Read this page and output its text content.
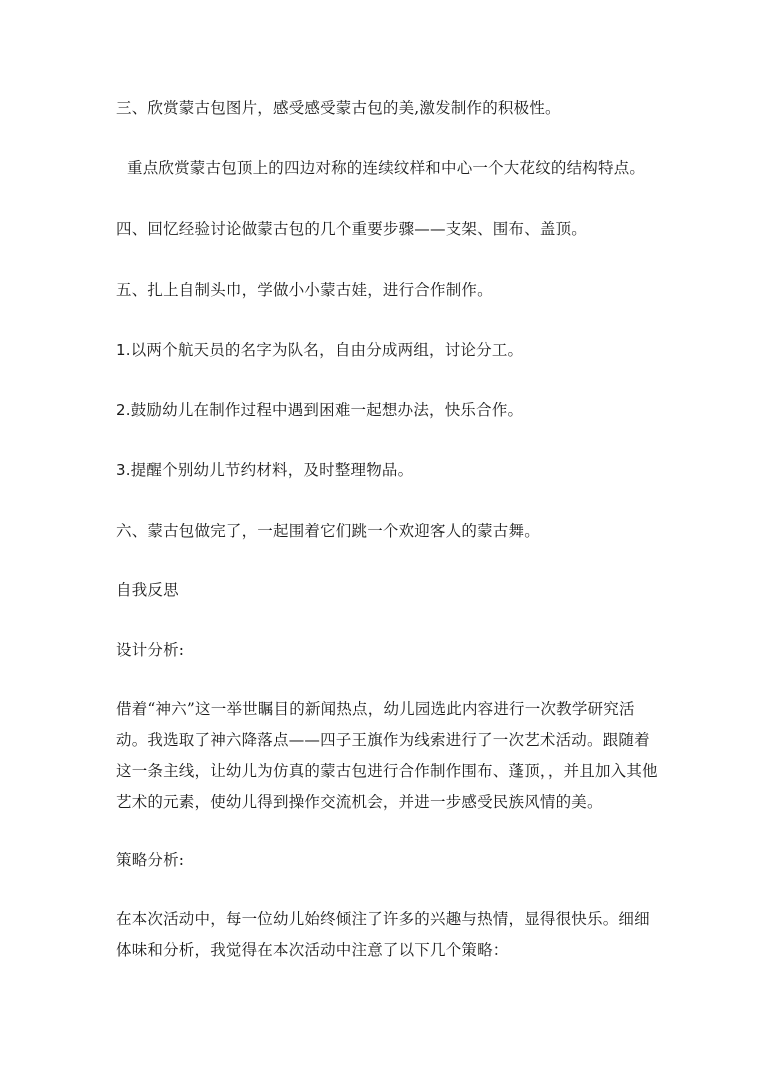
三、欣赏蒙古包图片，感受感受蒙古包的美,激发制作的积极性。
重点欣赏蒙古包顶上的四边对称的连续纹样和中心一个大花纹的结构特点。
四、回忆经验讨论做蒙古包的几个重要步骤——支架、围布、盖顶。
五、扎上自制头巾，学做小小蒙古娃，进行合作制作。
1.以两个航天员的名字为队名，自由分成两组，讨论分工。
2.鼓励幼儿在制作过程中遇到困难一起想办法，快乐合作。
3.提醒个别幼儿节约材料，及时整理物品。
六、蒙古包做完了，一起围着它们跳一个欢迎客人的蒙古舞。
自我反思
设计分析:
借着“神六”这一举世瞩目的新闻热点，幼儿园选此内容进行一次教学研究活动。我选取了神六降落点——四子王旗作为线索进行了一次艺术活动。跟随着这一条主线，让幼儿为仿真的蒙古包进行合作制作围布、蓬顶，，并且加入其他艺术的元素，使幼儿得到操作交流机会，并进一步感受民族风情的美。
策略分析:
在本次活动中，每一位幼儿始终倾注了许多的兴趣与热情，显得很快乐。细细体味和分析，我觉得在本次活动中注意了以下几个策略：
